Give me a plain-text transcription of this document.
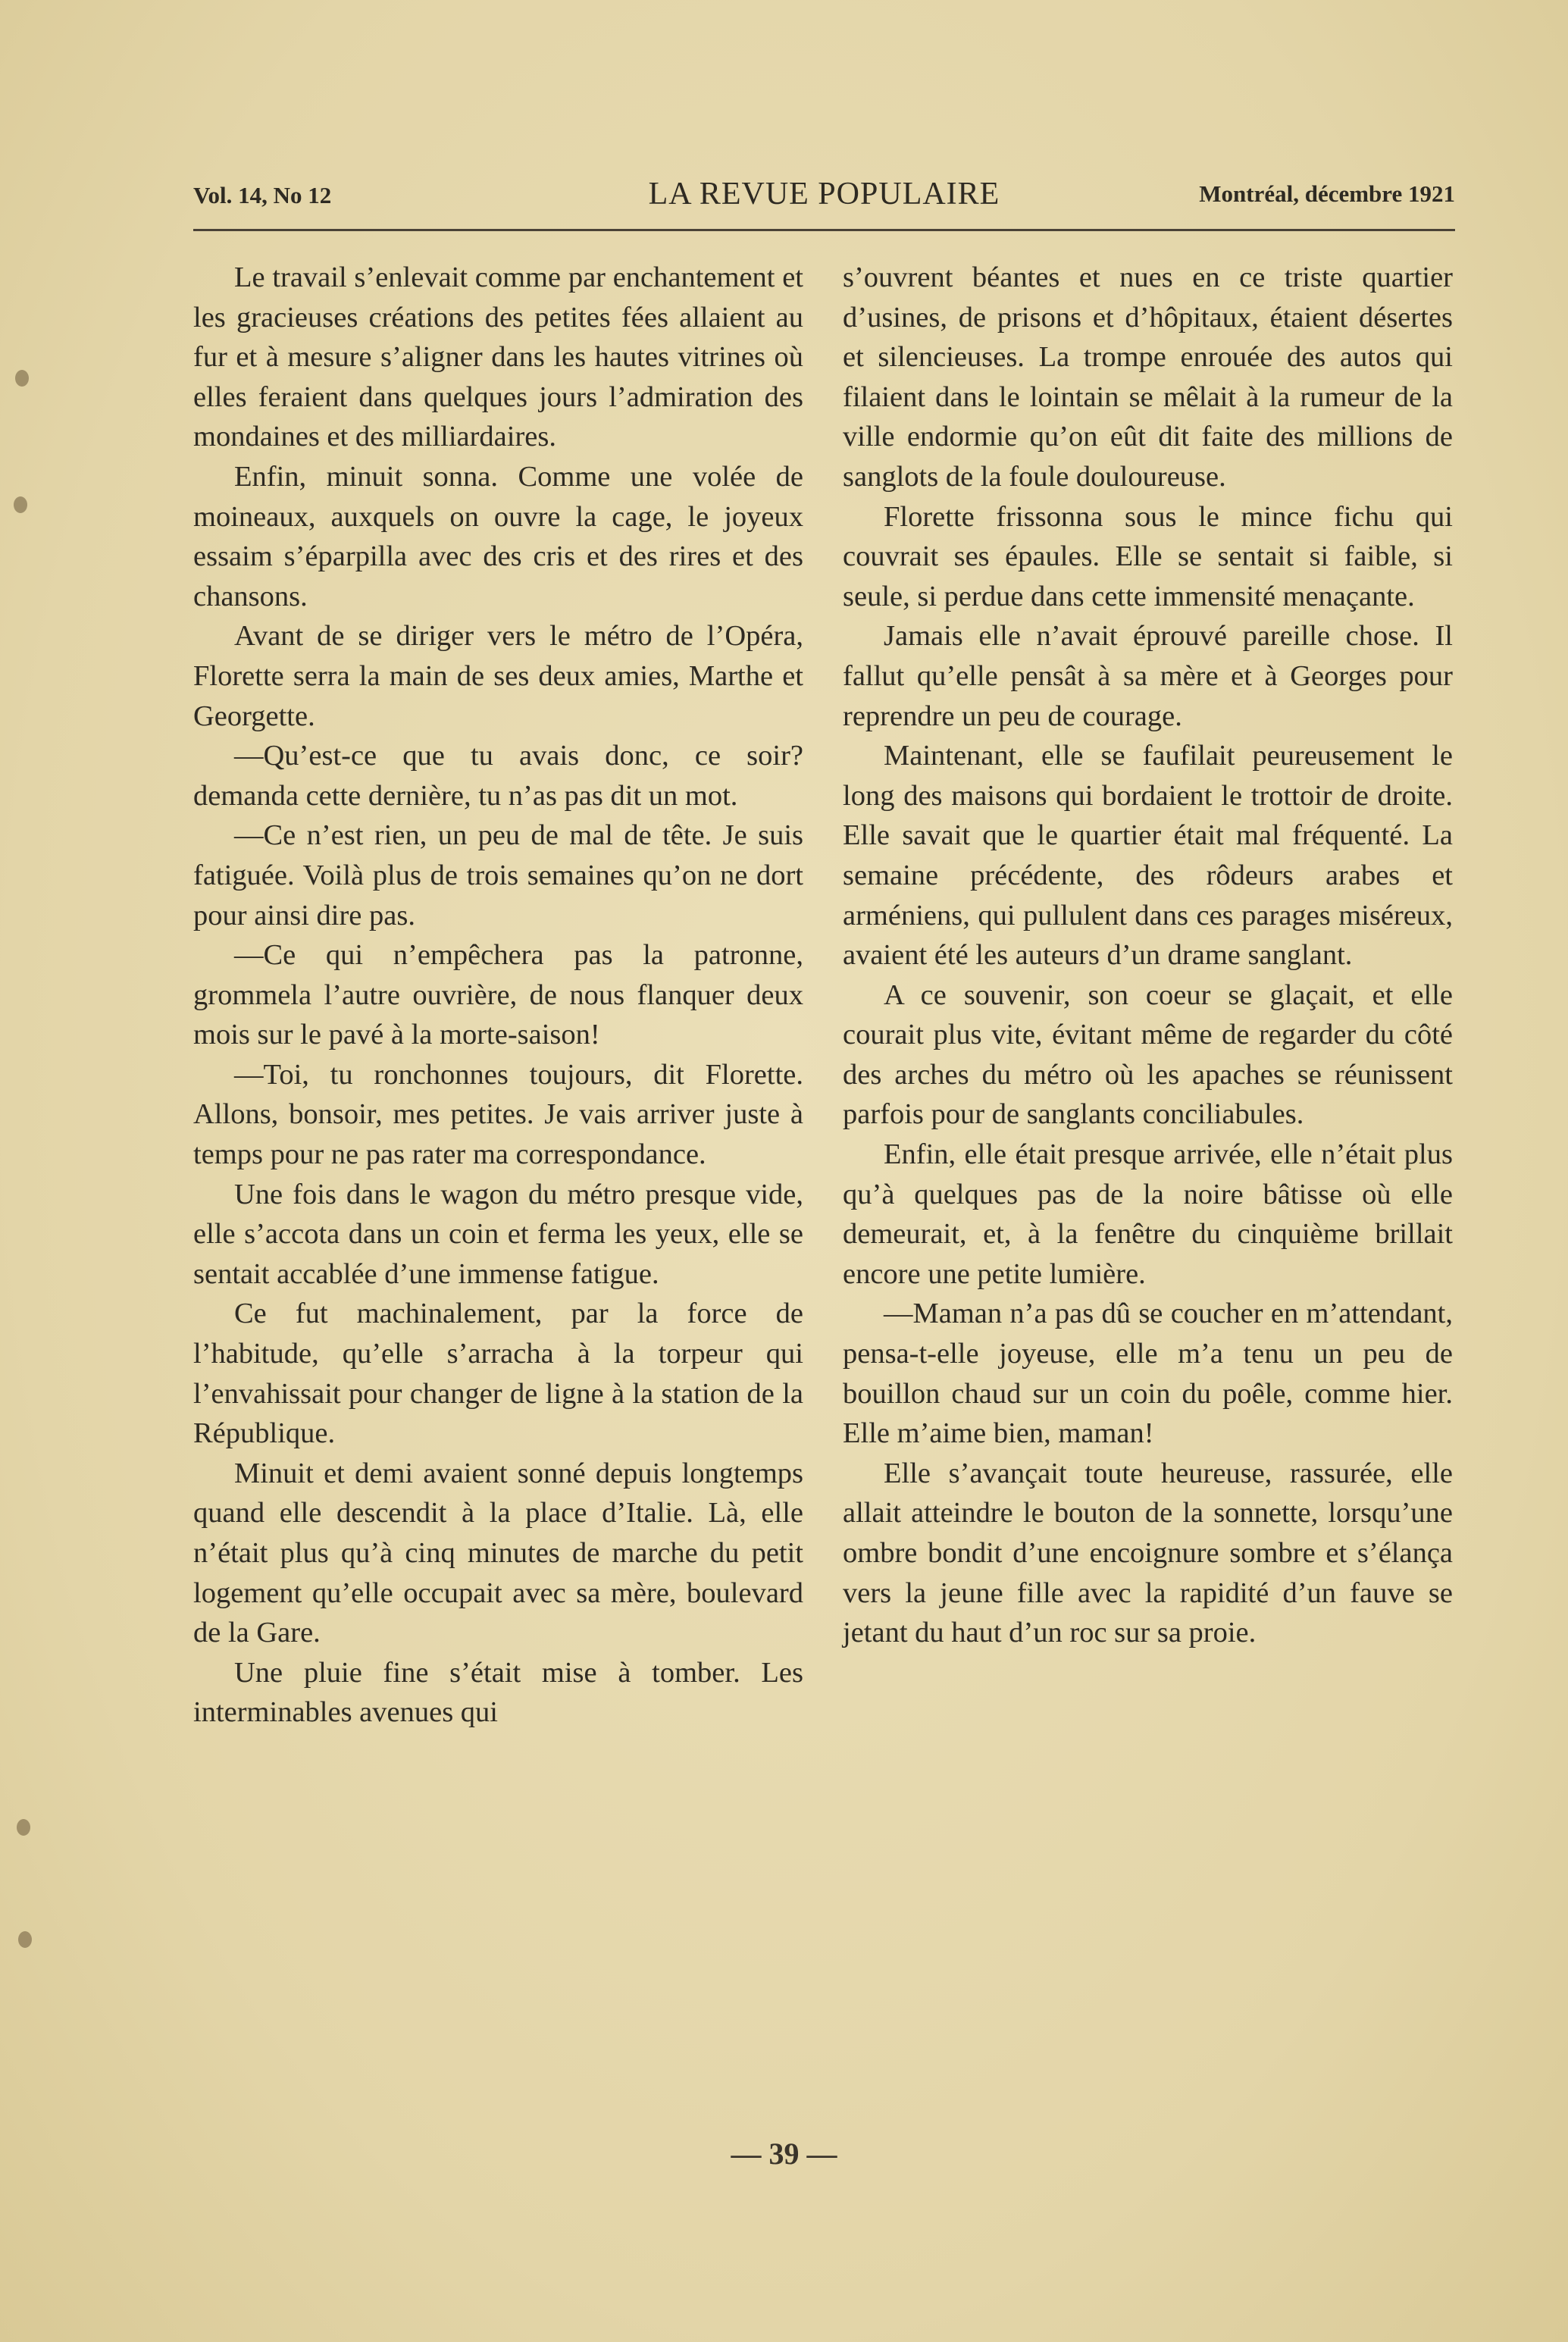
Vol. 14, No 12	LA REVUE POPULAIRE	Montréal, décembre 1921

Le travail s’enlevait comme par enchantement et les gracieuses créations des petites fées allaient au fur et à mesure s’aligner dans les hautes vitrines où elles feraient dans quelques jours l’admiration des mondaines et des milliardaires.

Enfin, minuit sonna. Comme une volée de moineaux, auxquels on ouvre la cage, le joyeux essaim s’éparpilla avec des cris et des rires et des chansons.

Avant de se diriger vers le métro de l’Opéra, Florette serra la main de ses deux amies, Marthe et Georgette.

—Qu’est-ce que tu avais donc, ce soir? demanda cette dernière, tu n’as pas dit un mot.

—Ce n’est rien, un peu de mal de tête. Je suis fatiguée. Voilà plus de trois semaines qu’on ne dort pour ainsi dire pas.

—Ce qui n’empêchera pas la patronne, grommela l’autre ouvrière, de nous flanquer deux mois sur le pavé à la morte-saison!

—Toi, tu ronchonnes toujours, dit Florette. Allons, bonsoir, mes petites. Je vais arriver juste à temps pour ne pas rater ma correspondance.

Une fois dans le wagon du métro presque vide, elle s’accota dans un coin et ferma les yeux, elle se sentait accablée d’une immense fatigue.

Ce fut machinalement, par la force de l’habitude, qu’elle s’arracha à la torpeur qui l’envahissait pour changer de ligne à la station de la République.

Minuit et demi avaient sonné depuis longtemps quand elle descendit à la place d’Italie. Là, elle n’était plus qu’à cinq minutes de marche du petit logement qu’elle occupait avec sa mère, boulevard de la Gare.

Une pluie fine s’était mise à tomber. Les interminables avenues qui

s’ouvrent béantes et nues en ce triste quartier d’usines, de prisons et d’hôpitaux, étaient désertes et silencieuses. La trompe enrouée des autos qui filaient dans le lointain se mêlait à la rumeur de la ville endormie qu’on eût dit faite des millions de sanglots de la foule douloureuse.

Florette frissonna sous le mince fichu qui couvrait ses épaules. Elle se sentait si faible, si seule, si perdue dans cette immensité menaçante.

Jamais elle n’avait éprouvé pareille chose. Il fallut qu’elle pensât à sa mère et à Georges pour reprendre un peu de courage.

Maintenant, elle se faufilait peureusement le long des maisons qui bordaient le trottoir de droite. Elle savait que le quartier était mal fréquenté. La semaine précédente, des rôdeurs arabes et arméniens, qui pullulent dans ces parages miséreux, avaient été les auteurs d’un drame sanglant.

A ce souvenir, son coeur se glaçait, et elle courait plus vite, évitant même de regarder du côté des arches du métro où les apaches se réunissent parfois pour de sanglants conciliabules.

Enfin, elle était presque arrivée, elle n’était plus qu’à quelques pas de la noire bâtisse où elle demeurait, et, à la fenêtre du cinquième brillait encore une petite lumière.

—Maman n’a pas dû se coucher en m’attendant, pensa-t-elle joyeuse, elle m’a tenu un peu de bouillon chaud sur un coin du poêle, comme hier. Elle m’aime bien, maman!

Elle s’avançait toute heureuse, rassurée, elle allait atteindre le bouton de la sonnette, lorsqu’une ombre bondit d’une encoignure sombre et s’élança vers la jeune fille avec la rapidité d’un fauve se jetant du haut d’un roc sur sa proie.

— 39 —
